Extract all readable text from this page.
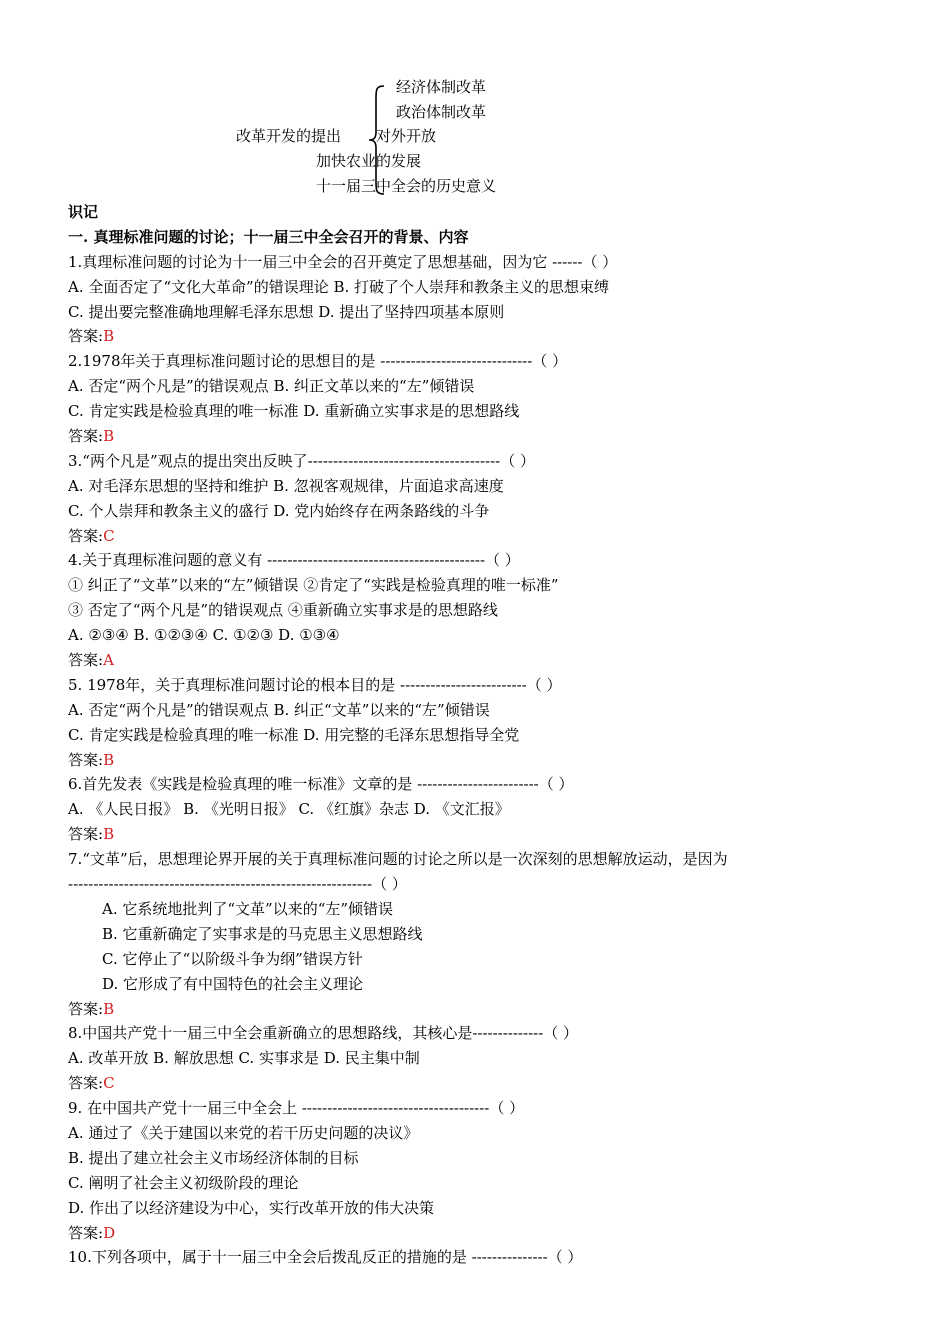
改革开发的提出
经济体制改革
政治体制改革
对外开放
加快农业的发展
十一届三中全会的历史意义
识记
一. 真理标准问题的讨论；十一届三中全会召开的背景、内容
1.真理标准问题的讨论为十一届三中全会的召开奠定了思想基础，因为它 ------（ ）
A. 全面否定了“文化大革命”的错误理论 B. 打破了个人崇拜和教条主义的思想束缚
C. 提出要完整准确地理解毛泽东思想 D. 提出了坚持四项基本原则
答案:B
2.1978年关于真理标准问题讨论的思想目的是 ------------------------------（ ）
A. 否定“两个凡是”的错误观点 B. 纠正文革以来的“左”倾错误
C. 肯定实践是检验真理的唯一标准 D. 重新确立实事求是的思想路线
答案:B
3.“两个凡是”观点的提出突出反映了--------------------------------------（ ）
A. 对毛泽东思想的坚持和维护 B. 忽视客观规律，片面追求高速度
C. 个人崇拜和教条主义的盛行 D. 党内始终存在两条路线的斗争
答案:C
4.关于真理标准问题的意义有 -------------------------------------------（ ）
① 纠正了“文革”以来的“左”倾错误 ②肯定了“实践是检验真理的唯一标准”
③ 否定了“两个凡是”的错误观点 ④重新确立实事求是的思想路线
A. ②③④ B. ①②③④ C. ①②③ D. ①③④
答案:A
5. 1978年，关于真理标准问题讨论的根本目的是 -------------------------（ ）
A. 否定“两个凡是”的错误观点 B. 纠正“文革”以来的“左”倾错误
C. 肯定实践是检验真理的唯一标准 D. 用完整的毛泽东思想指导全党
答案:B
6.首先发表《实践是检验真理的唯一标准》文章的是 ------------------------（ ）
A. 《人民日报》 B. 《光明日报》 C. 《红旗》杂志 D. 《文汇报》
答案:B
7.“文革”后，思想理论界开展的关于真理标准问题的讨论之所以是一次深刻的思想解放运动，是因为
------------------------------------------------------------（ ）
A. 它系统地批判了“文革”以来的“左”倾错误
B. 它重新确定了实事求是的马克思主义思想路线
C. 它停止了“以阶级斗争为纲”错误方针
D. 它形成了有中国特色的社会主义理论
答案:B
8.中国共产党十一届三中全会重新确立的思想路线，其核心是--------------（ ）
A. 改革开放 B. 解放思想 C. 实事求是 D. 民主集中制
答案:C
9. 在中国共产党十一届三中全会上 -------------------------------------（ ）
A. 通过了《关于建国以来党的若干历史问题的决议》
B. 提出了建立社会主义市场经济体制的目标
C. 阐明了社会主义初级阶段的理论
D. 作出了以经济建设为中心，实行改革开放的伟大决策
答案:D
10.下列各项中，属于十一届三中全会后拨乱反正的措施的是 ---------------（ ）
